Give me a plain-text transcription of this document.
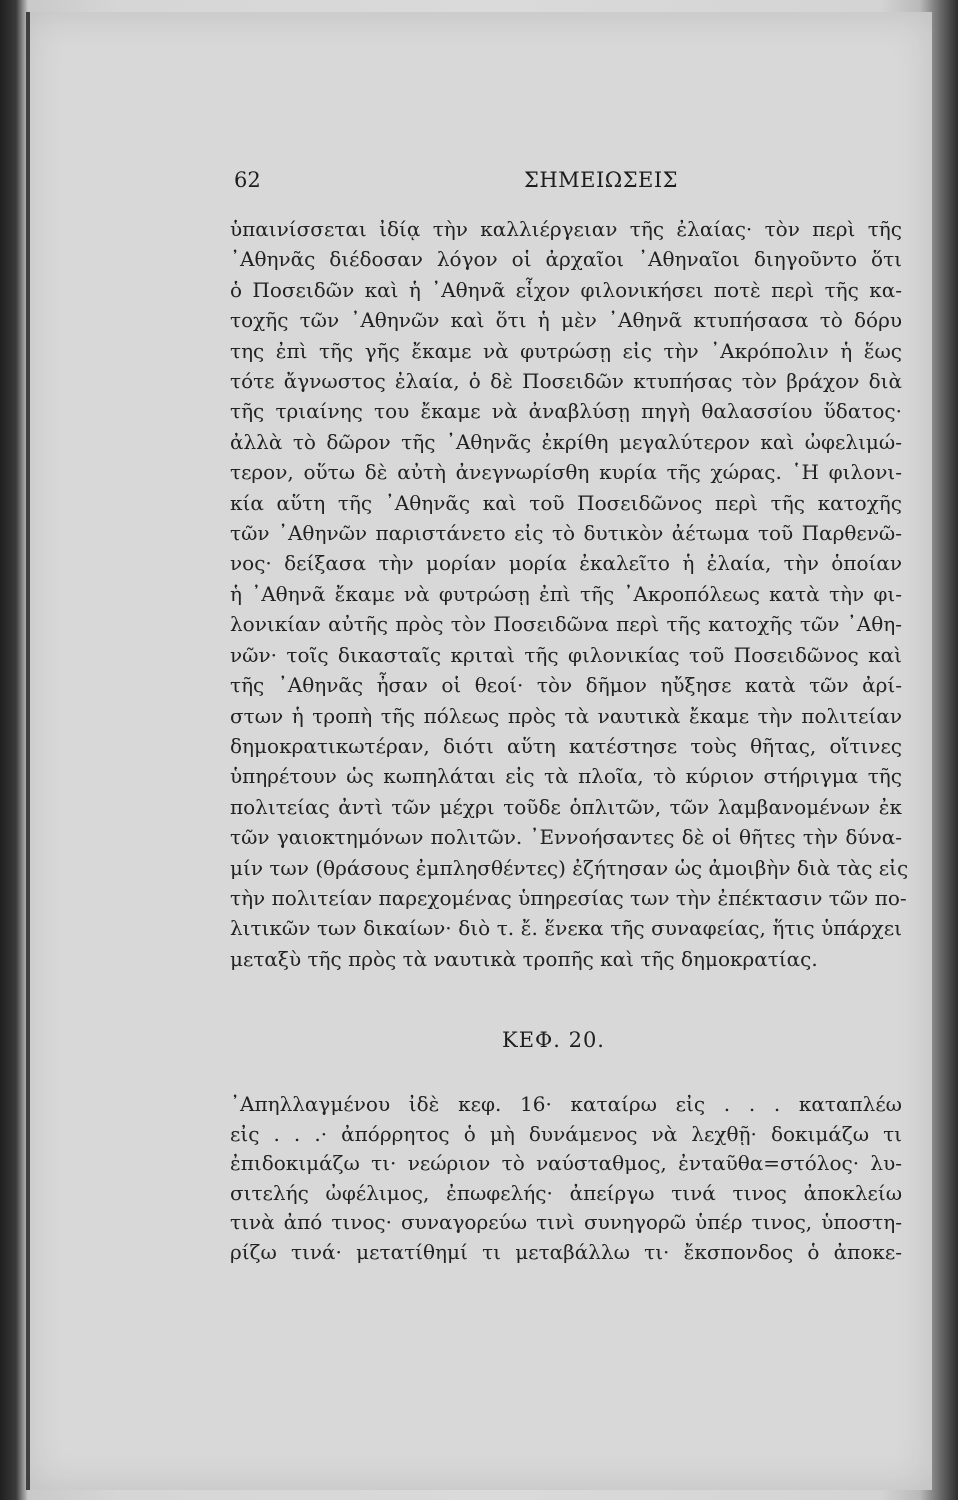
62	ΣΗΜΕΙΩΣΕΙΣ
ὑπαινίσσεται ἰδίᾳ τὴν καλλιέργειαν τῆς ἐλαίας· τὸν περὶ τῆς
᾽Αθηνᾶς διέδοσαν λόγον οἱ ἀρχαῖοι ᾽Αθηναῖοι διηγοῦντο ὅτι
ὁ Ποσειδῶν καὶ ἡ ᾽Αθηνᾶ εἶχον φιλονικήσει ποτὲ περὶ τῆς κα-
τοχῆς τῶν ᾽Αθηνῶν καὶ ὅτι ἡ μὲν ᾽Αθηνᾶ κτυπήσασα τὸ δόρυ
της ἐπὶ τῆς γῆς ἔκαμε νὰ φυτρώσῃ εἰς τὴν ᾽Ακρόπολιν ἡ ἕως
τότε ἄγνωστος ἐλαία, ὁ δὲ Ποσειδῶν κτυπήσας τὸν βράχον διὰ
τῆς τριαίνης του ἔκαμε νὰ ἀναβλύσῃ πηγὴ θαλασσίου ὕδατος·
ἀλλὰ τὸ δῶρον τῆς ᾽Αθηνᾶς ἐκρίθη μεγαλύτερον καὶ ὠφελιμώ-
τερον, οὕτω δὲ αὐτὴ ἀνεγνωρίσθη κυρία τῆς χώρας. ῾Η φιλονι-
κία αὕτη τῆς ᾽Αθηνᾶς καὶ τοῦ Ποσειδῶνος περὶ τῆς κατοχῆς
τῶν ᾽Αθηνῶν παριστάνετο εἰς τὸ δυτικὸν ἀέτωμα τοῦ Παρθενῶ-
νος· δείξασα τὴν μορίαν μορία ἐκαλεῖτο ἡ ἐλαία, τὴν ὁποίαν
ἡ ᾽Αθηνᾶ ἔκαμε νὰ φυτρώσῃ ἐπὶ τῆς ᾽Ακροπόλεως κατὰ τὴν φι-
λονικίαν αὐτῆς πρὸς τὸν Ποσειδῶνα περὶ τῆς κατοχῆς τῶν ᾽Αθη-
νῶν· τοῖς δικασταῖς κριταὶ τῆς φιλονικίας τοῦ Ποσειδῶνος καὶ
τῆς ᾽Αθηνᾶς ἦσαν οἱ θεοί· τὸν δῆμον ηὔξησε κατὰ τῶν ἀρί-
στων ἡ τροπὴ τῆς πόλεως πρὸς τὰ ναυτικὰ ἔκαμε τὴν πολιτείαν
δημοκρατικωτέραν, διότι αὕτη κατέστησε τοὺς θῆτας, οἵτινες
ὑπηρέτουν ὡς κωπηλάται εἰς τὰ πλοῖα, τὸ κύριον στήριγμα τῆς
πολιτείας ἀντὶ τῶν μέχρι τοῦδε ὁπλιτῶν, τῶν λαμβανομένων ἐκ
τῶν γαιοκτημόνων πολιτῶν. ᾽Εννοήσαντες δὲ οἱ θῆτες τὴν δύνα-
μίν των (θράσους ἐμπλησθέντες) ἐζήτησαν ὡς ἀμοιβὴν διὰ τὰς εἰς
τὴν πολιτείαν παρεχομένας ὑπηρεσίας των τὴν ἐπέκτασιν τῶν πο-
λιτικῶν των δικαίων· διὸ τ. ἔ. ἕνεκα τῆς συναφείας, ἥτις ὑπάρχει
μεταξὺ τῆς πρὸς τὰ ναυτικὰ τροπῆς καὶ τῆς δημοκρατίας.
ΚΕΦ. 20.
᾽Απηλλαγμένου ἰδὲ κεφ. 16· καταίρω εἰς . . . καταπλέω
εἰς . . .· ἀπόρρητος ὁ μὴ δυνάμενος νὰ λεχθῇ· δοκιμάζω τι
ἐπιδοκιμάζω τι· νεώριον τὸ ναύσταθμος, ἐνταῦθα=στόλος· λυ-
σιτελής ὠφέλιμος, ἐπωφελής· ἀπείργω τινά τινος ἀποκλείω
τινὰ ἀπό τινος· συναγορεύω τινὶ συνηγορῶ ὑπέρ τινος, ὑποστη-
ρίζω τινά· μετατίθημί τι μεταβάλλω τι· ἔκσπονδος ὁ ἀποκε-
